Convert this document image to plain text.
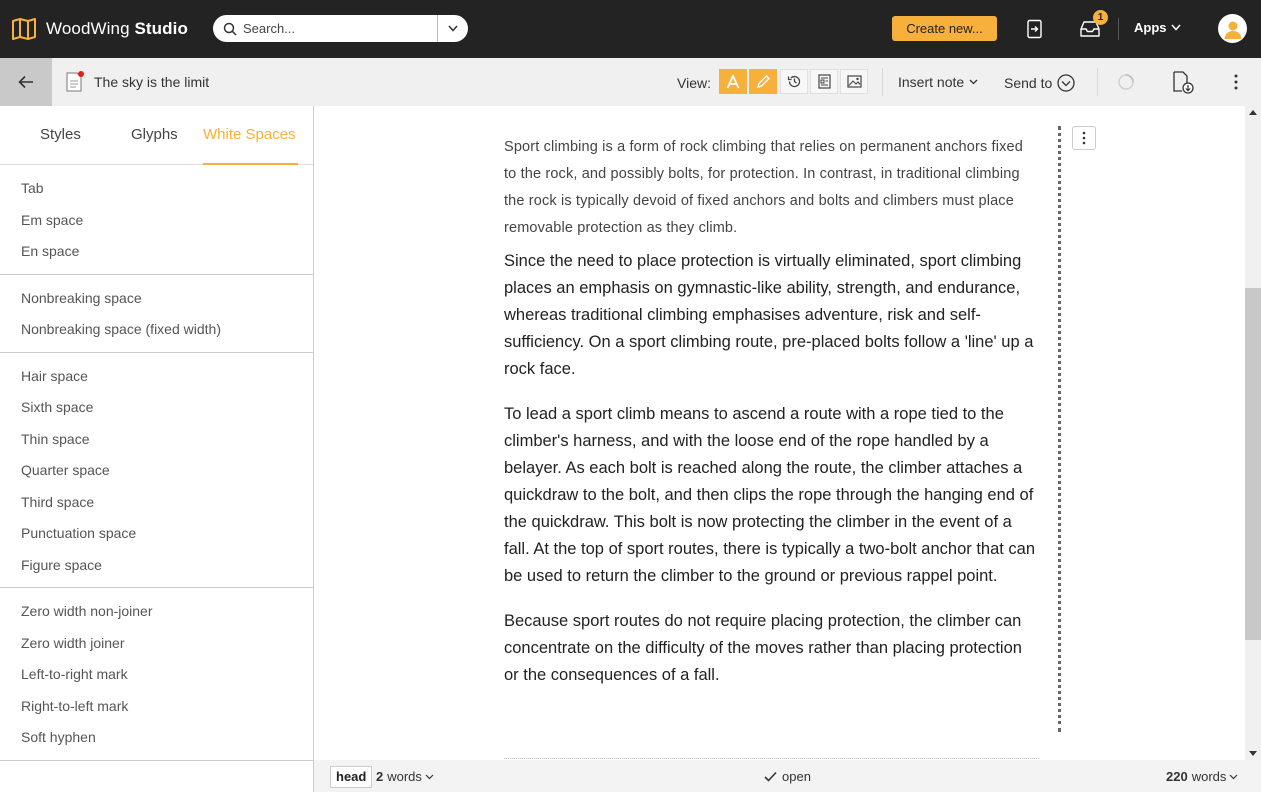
WoodWing Studio
Search...	Create new...
1
Apps
The sky is the limit	View:	Insert note	Send to
Styles	Glyphs White Spaces
Tab
Em space
En space
Nonbreaking space
Nonbreaking space (fixed width)
Hair space
Sixth space
Thin space
Quarter space
Third space
Punctuation space
Figure space
Zero width non-joiner
Zero width joiner
Left-to-right mark
Right-to-left mark
Soft hyphen

Sport climbing is a form of rock climbing that relies on permanent anchors fixed to the rock, and possibly bolts, for protection. In contrast, in traditional climbing the rock is typically devoid of fixed anchors and bolts and climbers must place removable protection as they climb.

Since the need to place protection is virtually eliminated, sport climbing places an emphasis on gymnastic-like ability, strength, and endurance, whereas traditional climbing emphasises adventure, risk and self-sufficiency. On a sport climbing route, pre-placed bolts follow a 'line' up a rock face.

To lead a sport climb means to ascend a route with a rope tied to the climber's harness, and with the loose end of the rope handled by a belayer. As each bolt is reached along the route, the climber attaches a quickdraw to the bolt, and then clips the rope through the hanging end of the quickdraw. This bolt is now protecting the climber in the event of a fall. At the top of sport routes, there is typically a two-bolt anchor that can be used to return the climber to the ground or previous rappel point.

Because sport routes do not require placing protection, the climber can concentrate on the difficulty of the moves rather than placing protection or the consequences of a fall.

head 2 words	open	220 words
